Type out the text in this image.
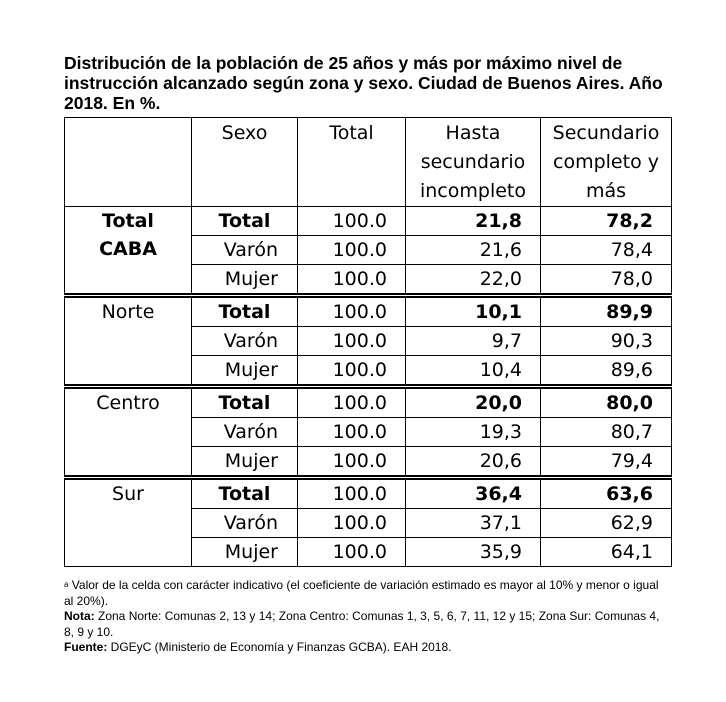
Distribución de la población de 25 años y más por máximo nivel de instrucción alcanzado según zona y sexo. Ciudad de Buenos Aires. Año 2018. En %.

	Sexo	Total	Hasta secundario incompleto	Secundario completo y más
Total CABA	Total	100.0	21,8	78,2
	Varón	100.0	21,6	78,4
	Mujer	100.0	22,0	78,0
Norte	Total	100.0	10,1	89,9
	Varón	100.0	9,7	90,3
	Mujer	100.0	10,4	89,6
Centro	Total	100.0	20,0	80,0
	Varón	100.0	19,3	80,7
	Mujer	100.0	20,6	79,4
Sur	Total	100.0	36,4	63,6
	Varón	100.0	37,1	62,9
	Mujer	100.0	35,9	64,1

$^a$ Valor de la celda con carácter indicativo (el coeficiente de variación estimado es mayor al 10% y menor o igual al 20%).

Nota: Zona Norte: Comunas 2, 13 y 14; Zona Centro: Comunas 1, 3, 5, 6, 7, 11, 12 y 15; Zona Sur: Comunas 4, 8, 9 y 10.

Fuente: DGEyC (Ministerio de Economía y Finanzas GCBA). EAH 2018.
